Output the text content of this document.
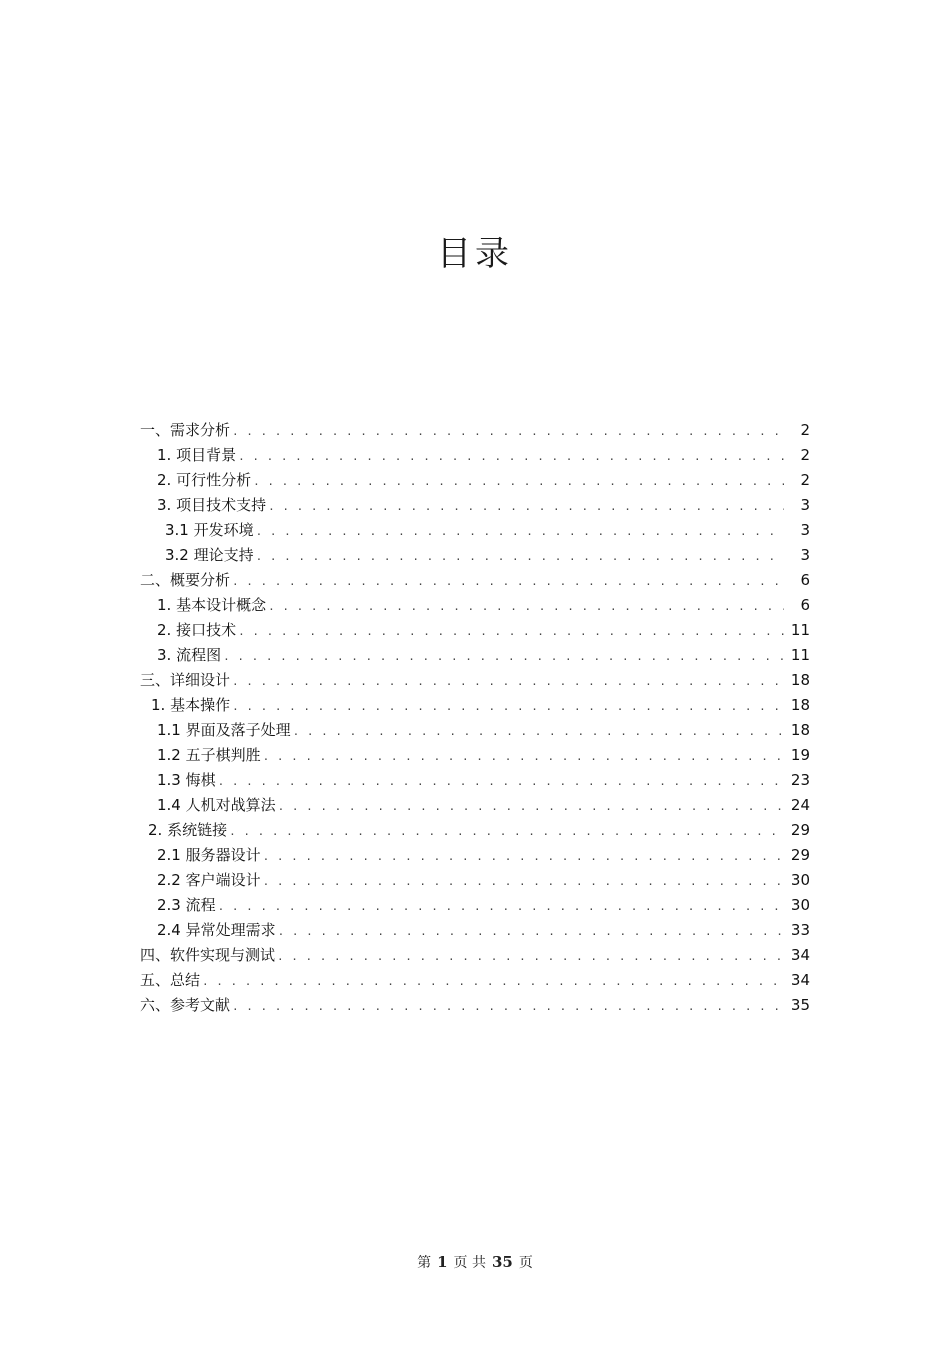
目录
一、需求分析 . . .	2
1. 项目背景 . . .	2
2. 可行性分析 . . .	2
3. 项目技术支持 . . .	3
3.1 开发环境 . . .	3
3.2 理论支持 . . .	3
二、概要分析 . . .	6
1. 基本设计概念 . . .	6
2. 接口技术 . . .	11
3. 流程图 . . .	11
三、详细设计 . . .	18
1. 基本操作 . . .	18
1.1 界面及落子处理 . . .	18
1.2 五子棋判胜 . . .	19
1.3 悔棋 . . .	23
1.4 人机对战算法 . . .	24
2. 系统链接 . . .	29
2.1 服务器设计 . . .	29
2.2 客户端设计 . . .	30
2.3 流程 . . .	30
2.4 异常处理需求 . . .	33
四、软件实现与测试 . . .	34
五、总结 . . .	34
六、参考文献 . . .	35
第 1 页 共 35 页
